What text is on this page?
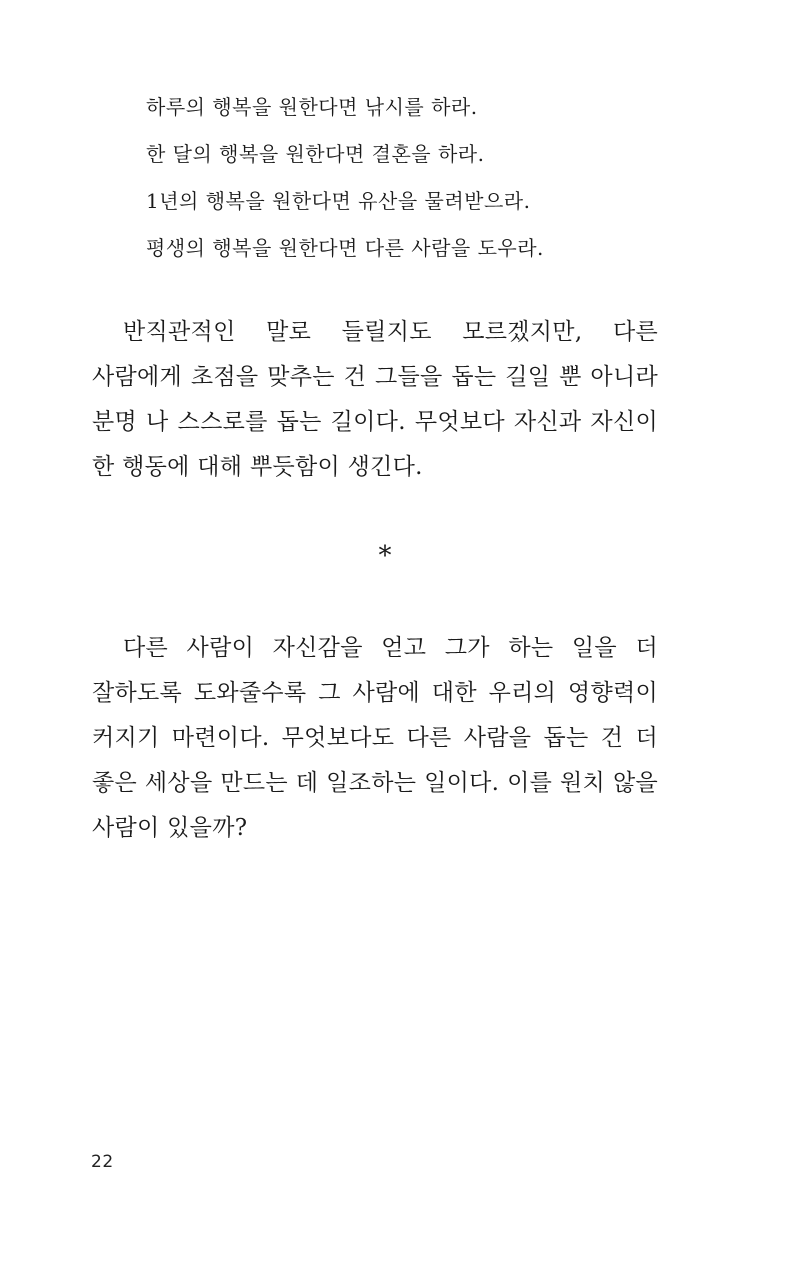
하루의 행복을 원한다면 낚시를 하라.
한 달의 행복을 원한다면 결혼을 하라.
1년의 행복을 원한다면 유산을 물려받으라.
평생의 행복을 원한다면 다른 사람을 도우라.

반직관적인 말로 들릴지도 모르겠지만, 다른 사람에게 초점을 맞추는 건 그들을 돕는 길일 뿐 아니라 분명 나 스스로를 돕는 길이다. 무엇보다 자신과 자신이 한 행동에 대해 뿌듯함이 생긴다.

*

다른 사람이 자신감을 얻고 그가 하는 일을 더 잘하도록 도와줄수록 그 사람에 대한 우리의 영향력이 커지기 마련이다. 무엇보다도 다른 사람을 돕는 건 더 좋은 세상을 만드는 데 일조하는 일이다. 이를 원치 않을 사람이 있을까?

22
